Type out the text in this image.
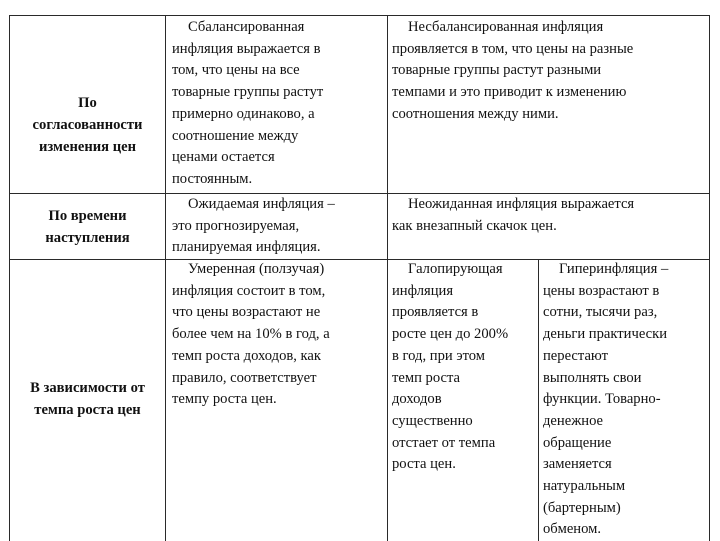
По

согласованности

изменения цен

Сбалансированная

инфляция выражается в

том, что цены на все

товарные группы растут

примерно одинаково, а

соотношение между

ценами остается

постоянным.

Несбалансированная инфляция

проявляется в том, что цены на разные

товарные группы растут разными

темпами и это приводит к изменению

соотношения между ними.

По времени

наступления

Ожидаемая инфляция –

это прогнозируемая,

планируемая инфляция.

Неожиданная инфляция выражается

как внезапный скачок цен.

В зависимости от

темпа роста цен

Умеренная (ползучая)

инфляция состоит в том,

что цены возрастают не

более чем на 10% в год, а

темп роста доходов, как

правило, соответствует

темпу роста цен.

Галопирующая

инфляция

проявляется в

росте цен до 200%

в год, при этом

темп роста

доходов

существенно

отстает от темпа

роста цен.

Гиперинфляция –

цены возрастают в

сотни, тысячи раз,

деньги практически

перестают

выполнять свои

функции. Товарно-

денежное

обращение

заменяется

натуральным

(бартерным)

обменом.
